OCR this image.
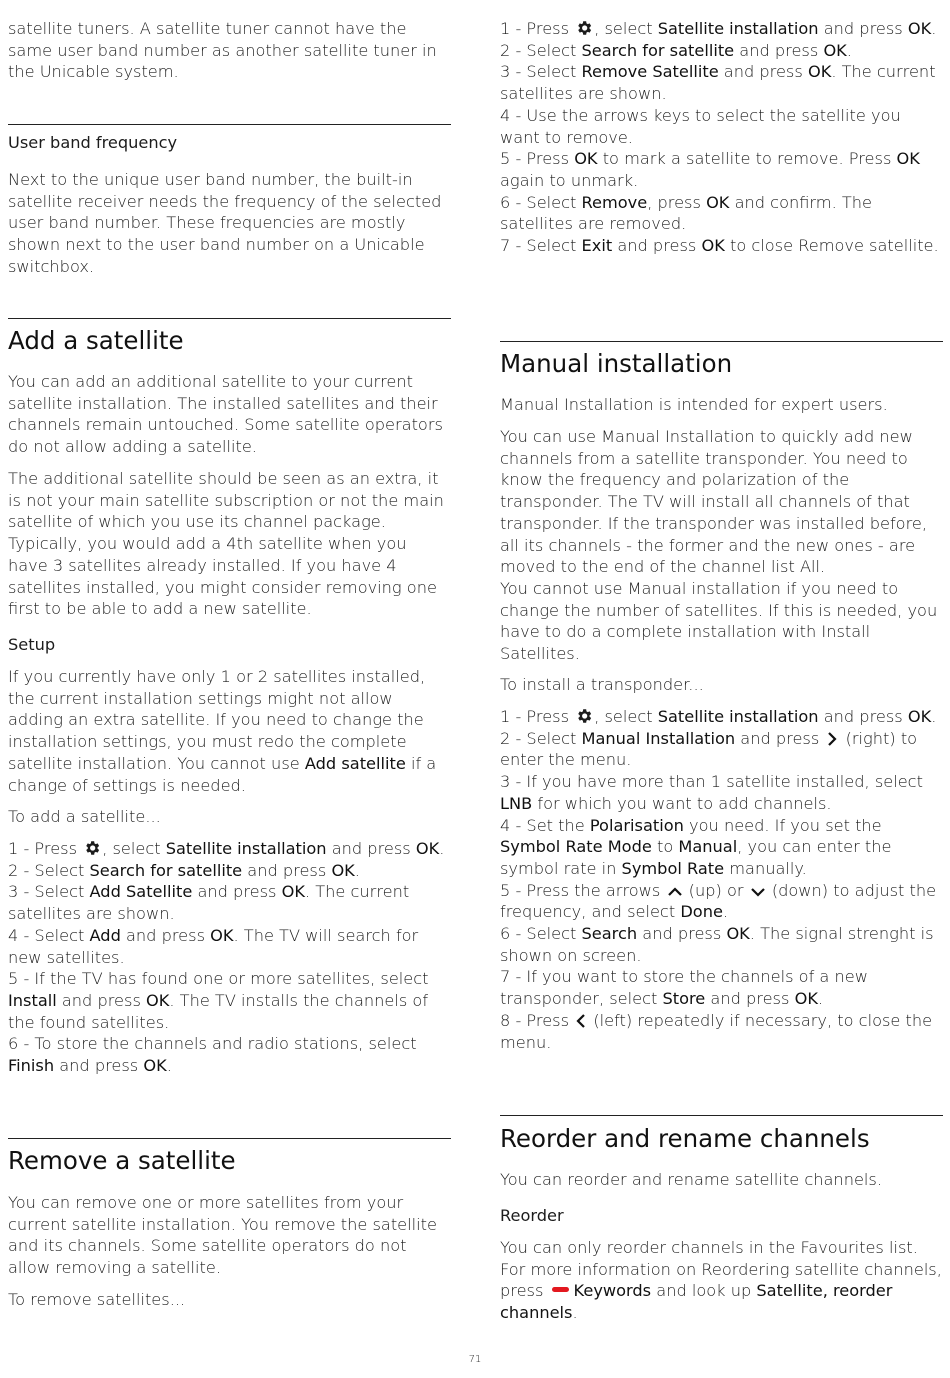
satellite tuners. A satellite tuner cannot have the same user band number as another satellite tuner in the Unicable system.

User band frequency

Next to the unique user band number, the built-in satellite receiver needs the frequency of the selected user band number. These frequencies are mostly shown next to the user band number on a Unicable switchbox.

Add a satellite

You can add an additional satellite to your current satellite installation. The installed satellites and their channels remain untouched. Some satellite operators do not allow adding a satellite.

The additional satellite should be seen as an extra, it is not your main satellite subscription or not the main satellite of which you use its channel package. Typically, you would add a 4th satellite when you have 3 satellites already installed. If you have 4 satellites installed, you might consider removing one first to be able to add a new satellite.

Setup

If you currently have only 1 or 2 satellites installed, the current installation settings might not allow adding an extra satellite. If you need to change the installation settings, you must redo the complete satellite installation. You cannot use Add satellite if a change of settings is needed.

To add a satellite...

1 - Press , select Satellite installation and press OK.

2 - Select Search for satellite and press OK.

3 - Select Add Satellite and press OK. The current satellites are shown.

4 - Select Add and press OK. The TV will search for new satellites.

5 - If the TV has found one or more satellites, select Install and press OK. The TV installs the channels of the found satellites.

6 - To store the channels and radio stations, select Finish and press OK.

Remove a satellite

You can remove one or more satellites from your current satellite installation. You remove the satellite and its channels. Some satellite operators do not allow removing a satellite.

To remove satellites...

1 - Press , select Satellite installation and press OK.

2 - Select Search for satellite and press OK.

3 - Select Remove Satellite and press OK. The current satellites are shown.

4 - Use the arrows keys to select the satellite you want to remove.

5 - Press OK to mark a satellite to remove. Press OK again to unmark.

6 - Select Remove, press OK and confirm. The satellites are removed.

7 - Select Exit and press OK to close Remove satellite.

Manual installation

Manual Installation is intended for expert users.

You can use Manual Installation to quickly add new channels from a satellite transponder. You need to know the frequency and polarization of the transponder. The TV will install all channels of that transponder. If the transponder was installed before, all its channels - the former and the new ones - are moved to the end of the channel list All.

You cannot use Manual installation if you need to change the number of satellites. If this is needed, you have to do a complete installation with Install Satellites.

To install a transponder...

1 - Press , select Satellite installation and press OK.

2 - Select Manual Installation and press  (right) to enter the menu.

3 - If you have more than 1 satellite installed, select LNB for which you want to add channels.

4 - Set the Polarisation you need. If you set the Symbol Rate Mode to Manual, you can enter the symbol rate in Symbol Rate manually.

5 - Press the arrows  (up) or  (down) to adjust the frequency, and select Done.

6 - Select Search and press OK. The signal strenght is shown on screen.

7 - If you want to store the channels of a new transponder, select Store and press OK.

8 - Press  (left) repeatedly if necessary, to close the menu.

Reorder and rename channels

You can reorder and rename satellite channels.

Reorder

You can only reorder channels in the Favourites list. For more information on Reordering satellite channels, press Keywords and look up Satellite, reorder channels.

71
